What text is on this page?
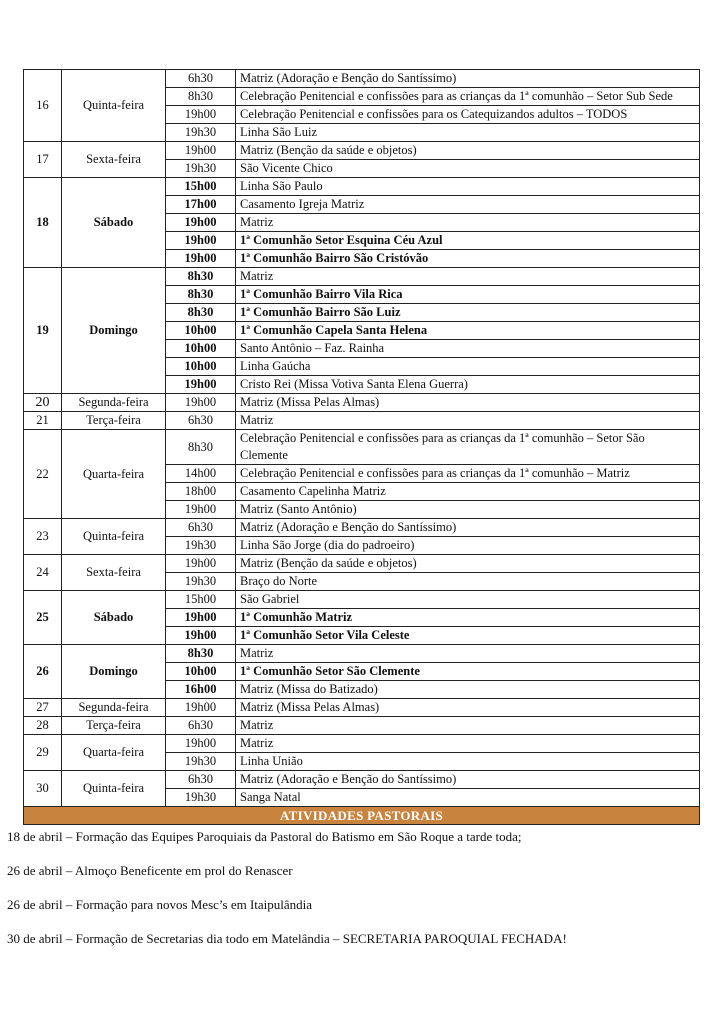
16	Quinta-feira	6h30	Matriz (Adoração e Benção do Santíssimo)
		8h30	Celebração Penitencial e confissões para as crianças da 1ª comunhão – Setor Sub Sede
		19h00	Celebração Penitencial e confissões para os Catequizandos adultos – TODOS
		19h30	Linha São Luiz
17	Sexta-feira	19h00	Matriz (Benção da saúde e objetos)
		19h30	São Vicente Chico
18	Sábado	15h00	Linha São Paulo
		17h00	Casamento Igreja Matriz
		19h00	Matriz
		19h00	1ª Comunhão Setor Esquina Céu Azul
		19h00	1ª Comunhão Bairro São Cristóvão
19	Domingo	8h30	Matriz
		8h30	1ª Comunhão Bairro Vila Rica
		8h30	1ª Comunhão Bairro São Luiz
		10h00	1ª Comunhão Capela Santa Helena
		10h00	Santo Antônio – Faz. Rainha
		10h00	Linha Gaúcha
		19h00	Cristo Rei (Missa Votiva Santa Elena Guerra)
20	Segunda-feira	19h00	Matriz (Missa Pelas Almas)
21	Terça-feira	6h30	Matriz
22	Quarta-feira	8h30	Celebração Penitencial e confissões para as crianças da 1ª comunhão – Setor São Clemente
		14h00	Celebração Penitencial e confissões para as crianças da 1ª comunhão – Matriz
		18h00	Casamento Capelinha Matriz
		19h00	Matriz (Santo Antônio)
23	Quinta-feira	6h30	Matriz (Adoração e Benção do Santíssimo)
		19h30	Linha São Jorge (dia do padroeiro)
24	Sexta-feira	19h00	Matriz (Benção da saúde e objetos)
		19h30	Braço do Norte
25	Sábado	15h00	São Gabriel
		19h00	1ª Comunhão Matriz
		19h00	1ª Comunhão Setor Vila Celeste
26	Domingo	8h30	Matriz
		10h00	1ª Comunhão Setor São Clemente
		16h00	Matriz (Missa do Batizado)
27	Segunda-feira	19h00	Matriz (Missa Pelas Almas)
28	Terça-feira	6h30	Matriz
29	Quarta-feira	19h00	Matriz
		19h30	Linha União
30	Quinta-feira	6h30	Matriz (Adoração e Benção do Santíssimo)
		19h30	Sanga Natal
ATIVIDADES PASTORAIS

18 de abril – Formação das Equipes Paroquiais da Pastoral do Batismo em São Roque a tarde toda;

26 de abril – Almoço Beneficente em prol do Renascer

26 de abril – Formação para novos Mesc’s em Itaipulândia

30 de abril – Formação de Secretarias dia todo em Matelândia – SECRETARIA PAROQUIAL FECHADA!
